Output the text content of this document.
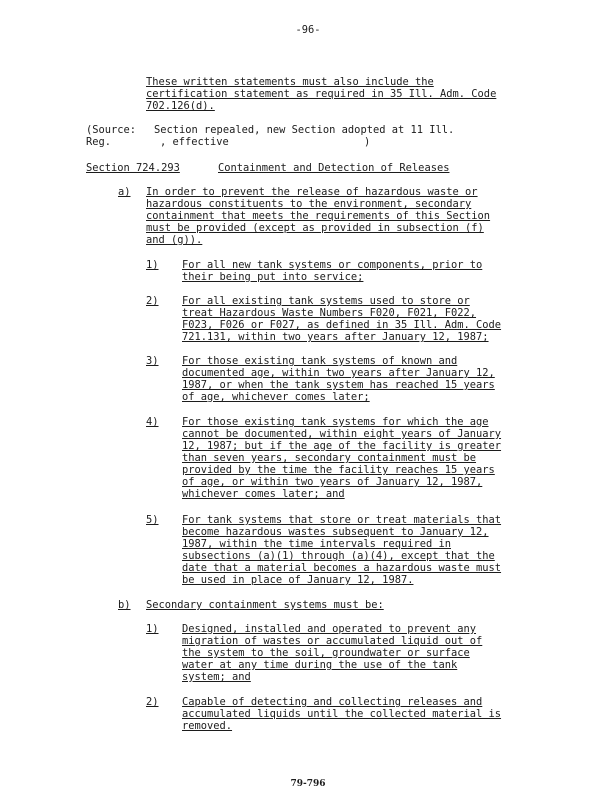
-96-
These written statements must also include the
certification statement as required in 35 Ill. Adm. Code
702.126(d).
(Source: Section repealed, new Section adopted at 11 Ill.
Reg.	, effective	)
Section 724.293	Containment and Detection of Releases
a) In order to prevent the release of hazardous waste or
hazardous constituents to the environment, secondary
containment that meets the requirements of this Section
must be provided (except as provided in subsection (f)
and (g)).
1) For all new tank systems or components, prior to
their being put into service;
2) For all existing tank systems used to store or
treat Hazardous Waste Numbers F020, F021, F022,
F023, F026 or F027, as defined in 35 Ill. Adm. Code
721.131, within two years after January 12, 1987;
3) For those existing tank systems of known and
documented age, within two years after January 12,
1987, or when the tank system has reached 15 years
of age, whichever comes later;
4) For those existing tank systems for which the age
cannot be documented, within eight years of January
12, 1987; but if the age of the facility is greater
than seven years, secondary containment must be
provided by the time the facility reaches 15 years
of age, or within two years of January 12, 1987,
whichever comes later; and
5) For tank systems that store or treat materials that
become hazardous wastes subsequent to January 12,
1987, within the time intervals required in
subsections (a)(1) through (a)(4), except that the
date that a material becomes a hazardous waste must
be used in place of January 12, 1987.
b) Secondary containment systems must be:
1) Designed, installed and operated to prevent any
migration of wastes or accumulated liquid out of
the system to the soil, groundwater or surface
water at any time during the use of the tank
system; and
2) Capable of detecting and collecting releases and
accumulated liquids until the collected material is
removed.
79-796
